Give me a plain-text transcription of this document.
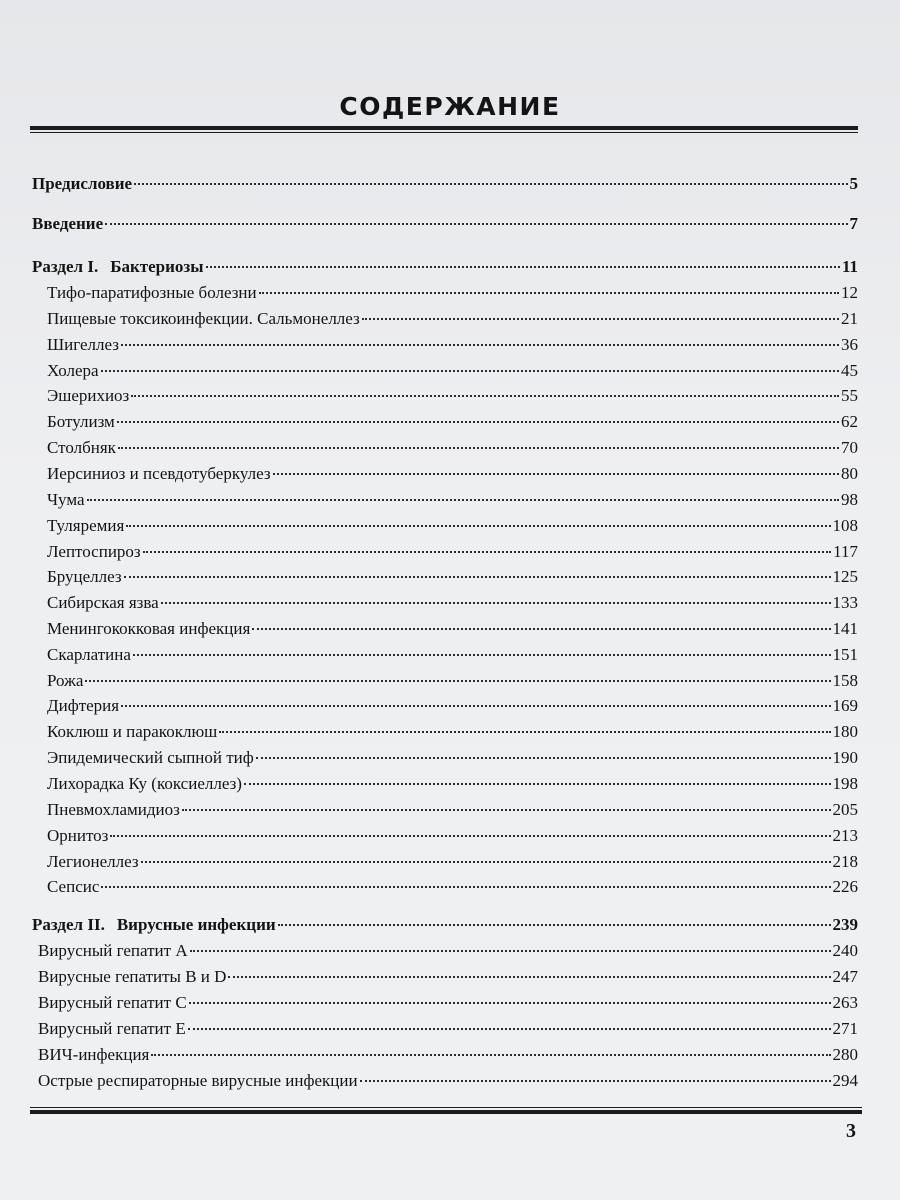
СОДЕРЖАНИЕ
Предисловие	5
Введение	7
Раздел I. Бактериозы	11
Тифо-паратифозные болезни	12
Пищевые токсикоинфекции. Сальмонеллез	21
Шигеллез	36
Холера	45
Эшерихиоз	55
Ботулизм	62
Столбняк	70
Иерсиниоз и псевдотуберкулез	80
Чума	98
Туляремия	108
Лептоспироз	117
Бруцеллез	125
Сибирская язва	133
Менингококковая инфекция	141
Скарлатина	151
Рожа	158
Дифтерия	169
Коклюш и паракоклюш	180
Эпидемический сыпной тиф	190
Лихорадка Ку (коксиеллез)	198
Пневмохламидиоз	205
Орнитоз	213
Легионеллез	218
Сепсис	226
Раздел II. Вирусные инфекции	239
Вирусный гепатит А	240
Вирусные гепатиты В и D	247
Вирусный гепатит С	263
Вирусный гепатит Е	271
ВИЧ-инфекция	280
Острые респираторные вирусные инфекции	294
3
